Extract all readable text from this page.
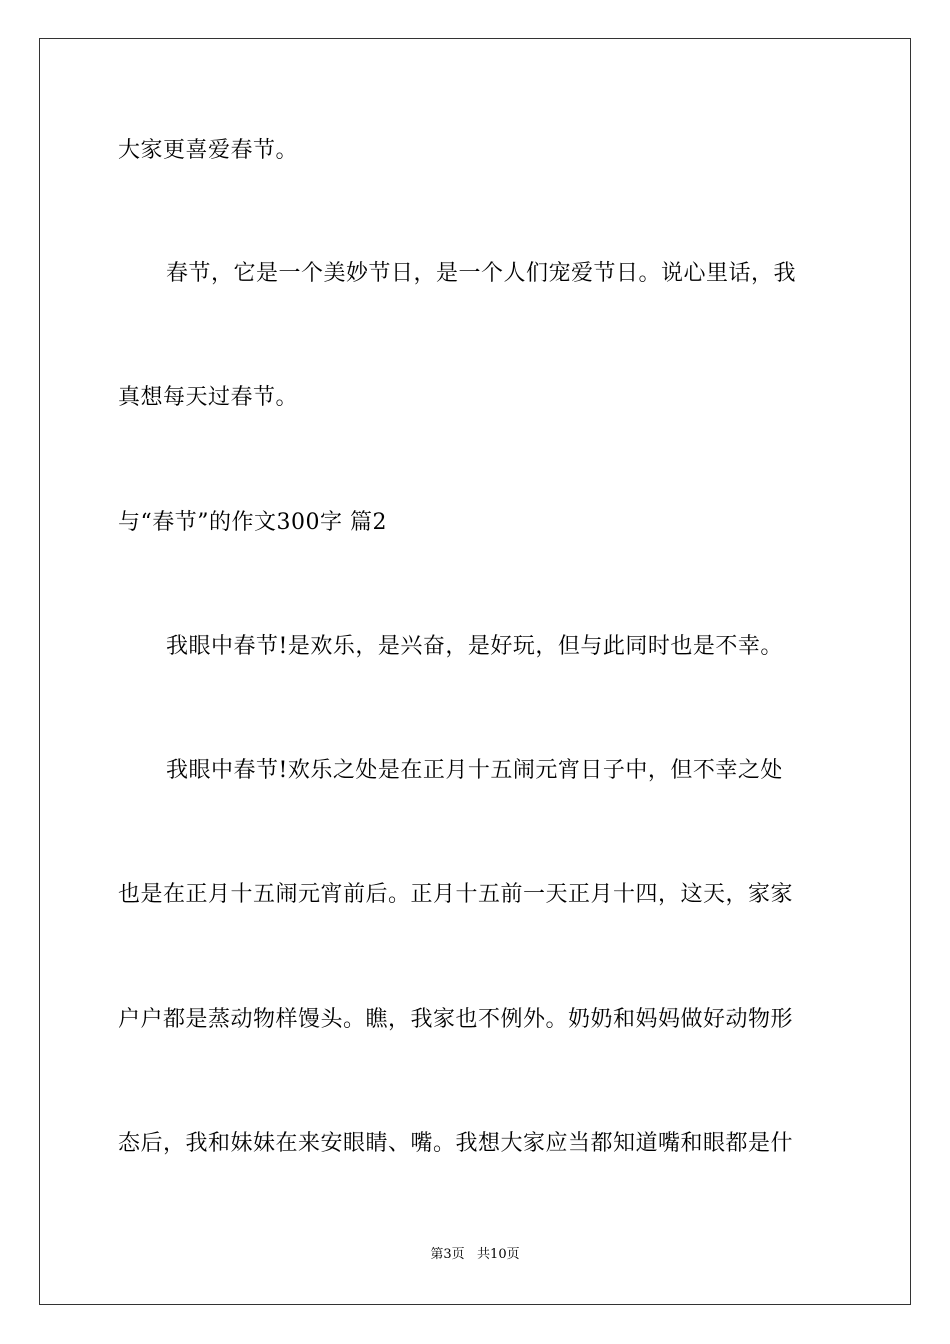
大家更喜爱春节。
春节，它是一个美妙节日，是一个人们宠爱节日。说心里话，我
真想每天过春节。
与“春节”的作文300字 篇2
我眼中春节!是欢乐，是兴奋，是好玩，但与此同时也是不幸。
我眼中春节!欢乐之处是在正月十五闹元宵日子中，但不幸之处
也是在正月十五闹元宵前后。正月十五前一天正月十四，这天，家家
户户都是蒸动物样馒头。瞧，我家也不例外。奶奶和妈妈做好动物形
态后，我和妹妹在来安眼睛、嘴。我想大家应当都知道嘴和眼都是什
第3页   共10页
